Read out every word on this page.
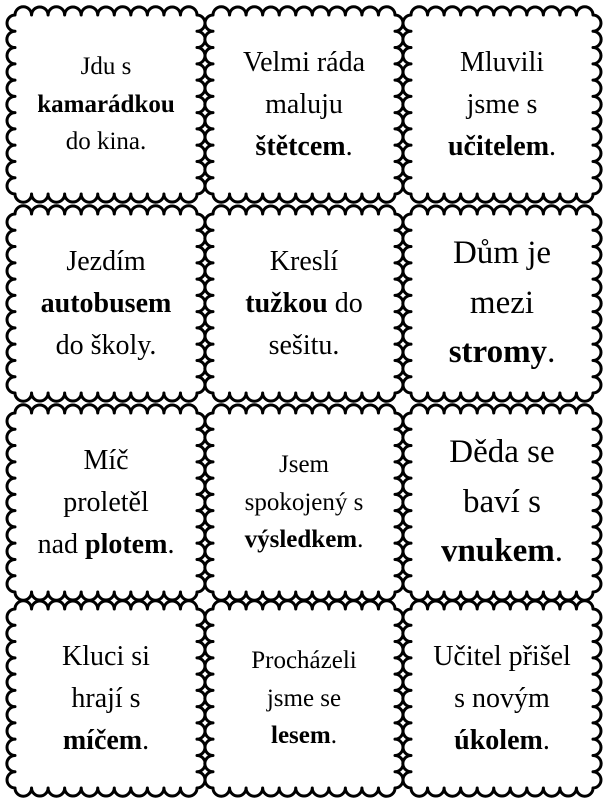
Jdu s
kamarádkou
do kina.

Velmi ráda
maluju
štětcem.

Mluvili
jsme s
učitelem.

Jezdím
autobusem
do školy.

Kreslí
tužkou do
sešitu.

Dům je
mezi
stromy.

Míč
proletěl
nad plotem.

Jsem
spokojený s
výsledkem.

Děda se
baví s
vnukem.

Kluci si
hrají s
míčem.

Procházeli
jsme se
lesem.

Učitel přišel
s novým
úkolem.
